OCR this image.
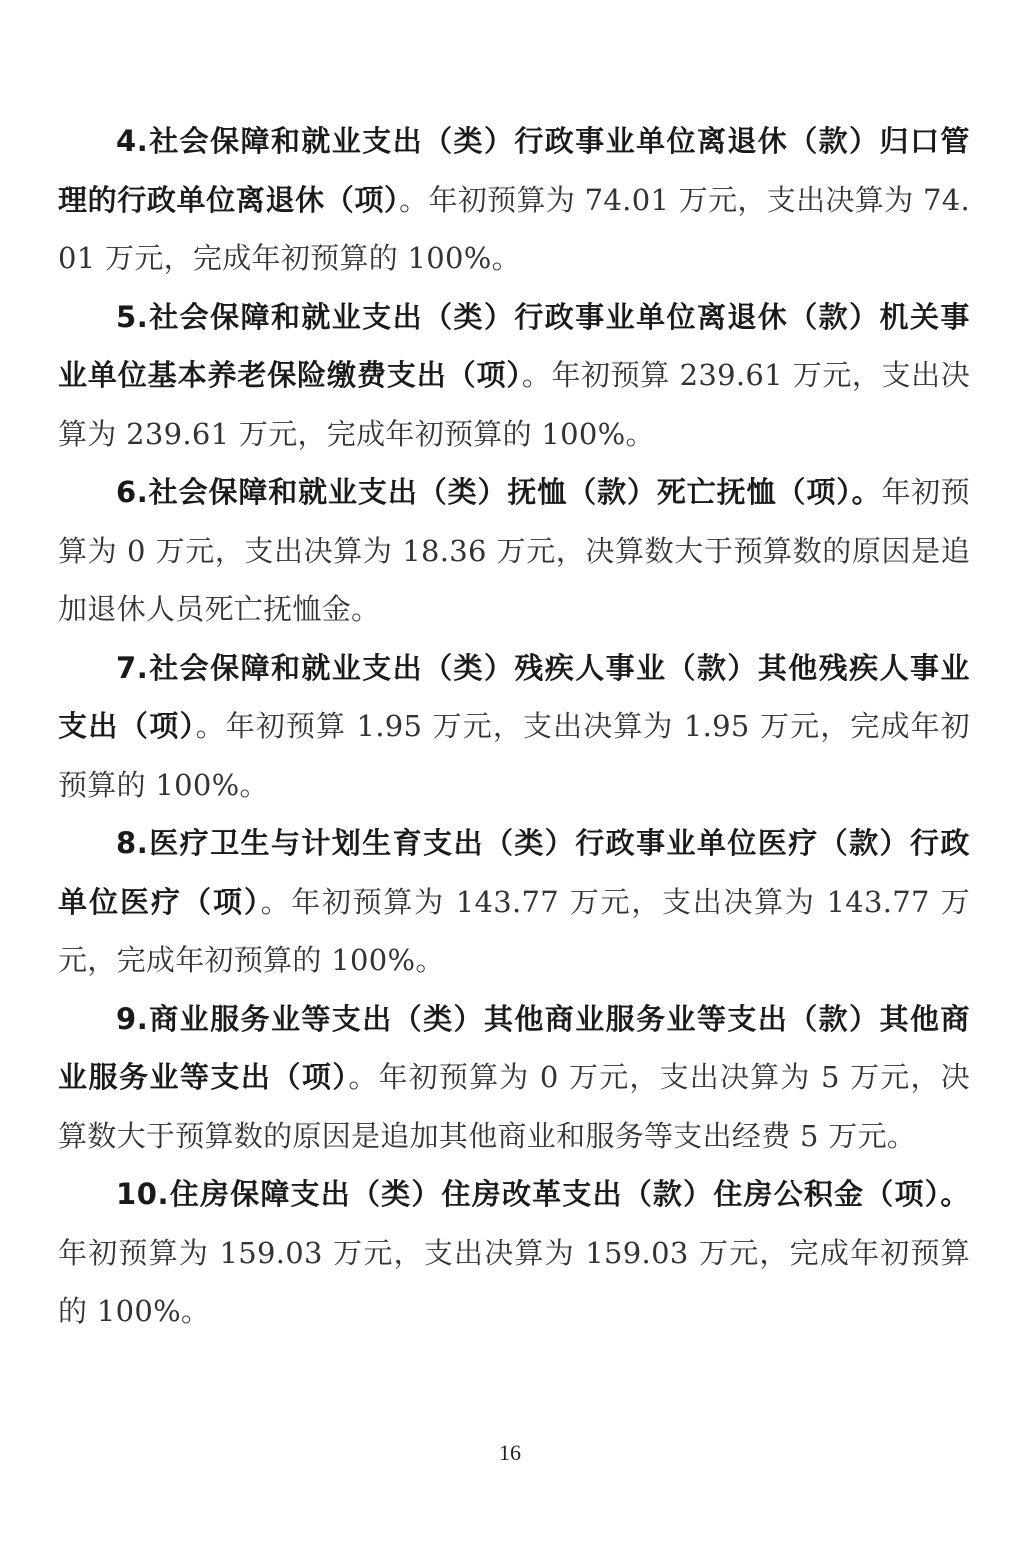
4.社会保障和就业支出（类）行政事业单位离退休（款）归口管理的行政单位离退休（项）。年初预算为 74.01 万元，支出决算为 74.01 万元，完成年初预算的 100%。

5.社会保障和就业支出（类）行政事业单位离退休（款）机关事业单位基本养老保险缴费支出（项）。年初预算 239.61 万元，支出决算为 239.61 万元，完成年初预算的 100%。

6.社会保障和就业支出（类）抚恤（款）死亡抚恤（项）。年初预算为 0 万元，支出决算为 18.36 万元，决算数大于预算数的原因是追加退休人员死亡抚恤金。

7.社会保障和就业支出（类）残疾人事业（款）其他残疾人事业支出（项）。年初预算 1.95 万元，支出决算为 1.95 万元，完成年初预算的 100%。

8.医疗卫生与计划生育支出（类）行政事业单位医疗（款）行政单位医疗（项）。年初预算为 143.77 万元，支出决算为 143.77 万元，完成年初预算的 100%。

9.商业服务业等支出（类）其他商业服务业等支出（款）其他商业服务业等支出（项）。年初预算为 0 万元，支出决算为 5 万元，决算数大于预算数的原因是追加其他商业和服务等支出经费 5 万元。

10.住房保障支出（类）住房改革支出（款）住房公积金（项）。年初预算为 159.03 万元，支出决算为 159.03 万元，完成年初预算的 100%。

16
